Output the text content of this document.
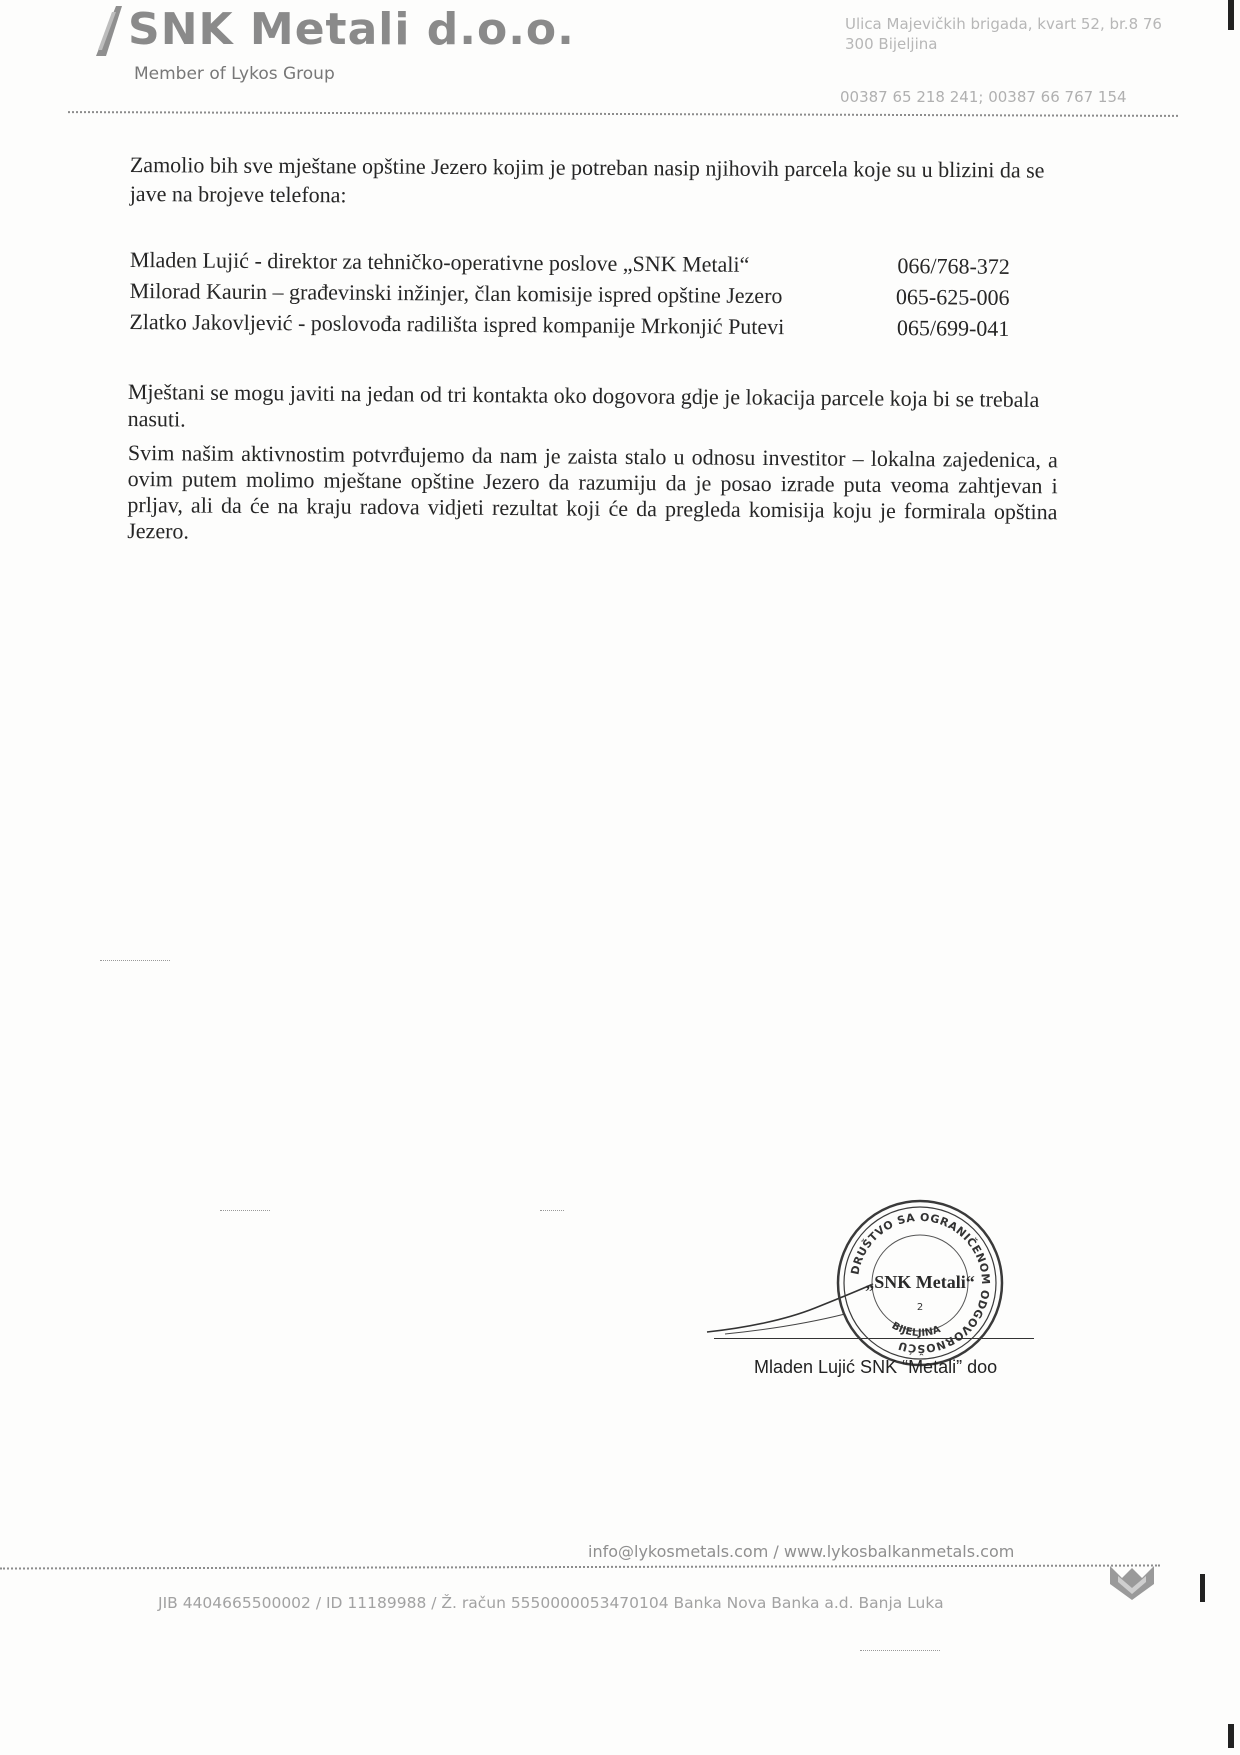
SNK Metali d.o.o.
Member of Lykos Group
Ulica Majevičkih brigada, kvart 52, br.8 76 300 Bijeljina
00387 65 218 241; 00387 66 767 154
Zamolio bih sve mještane opštine Jezero kojim je potreban nasip njihovih parcela koje su u blizini da se jave na brojeve telefona:
Mladen Lujić - direktor za tehničko-operativne poslove „SNK Metali“	066/768-372
Milorad Kaurin – građevinski inžinjer, član komisije ispred opštine Jezero	065-625-006
Zlatko Jakovljević - poslovođa radilišta ispred kompanije Mrkonjić Putevi	065/699-041
Mještani se mogu javiti na jedan od tri kontakta oko dogovora gdje je lokacija parcele koja bi se trebala nasuti.
Svim našim aktivnostim potvrđujemo da nam je zaista stalo u odnosu investitor – lokalna zajedenica, a ovim putem molimo mještane opštine Jezero da razumiju da je posao izrade puta veoma zahtjevan i prljav, ali da će na kraju radova vidjeti rezultat koji će da pregleda komisija koju je formirala opština Jezero.
DRUŠTVO SA OGRANIČENOM ODGOVORNOŠĆU
„SNK Metali“
2
BIJELJINA
Mladen Lujić SNK “Metali” doo
info@lykosmetals.com / www.lykosbalkanmetals.com
JIB 4404665500002 / ID 11189988 / Ž. račun 5550000053470104 Banka Nova Banka a.d. Banja Luka
